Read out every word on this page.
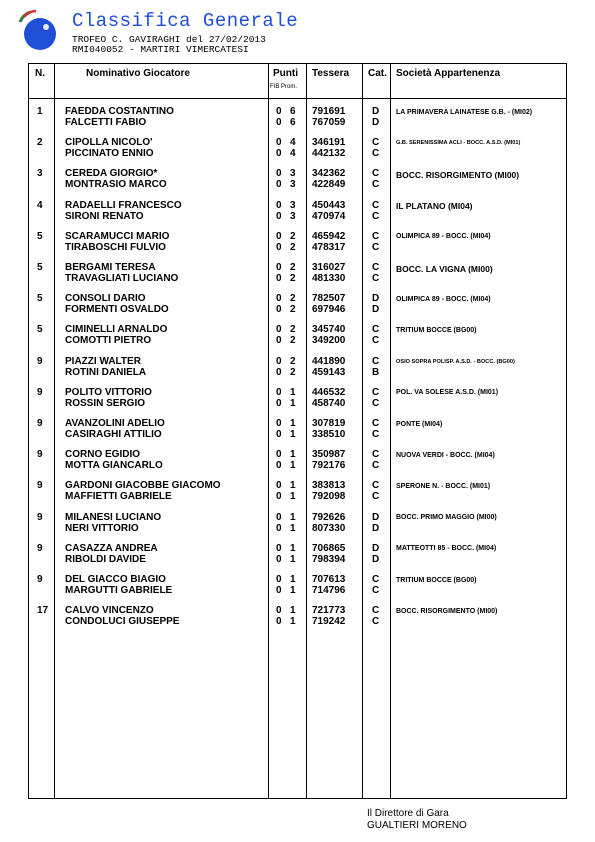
Classifica Generale
TROFEO C. GAVIRAGHI del 27/02/2013
RMI040052 - MARTIRI VIMERCATESI
N.	Nominativo Giocatore	Punti
FIB Prom.
Tessera Cat. Società Appartenenza
1 FAEDDA COSTANTINO	0 6 791691	D
FALCETTI FABIO	0 6 767059	D
LA PRIMAVERA LAINATESE G.B. - (MI02)
2 CIPOLLA NICOLO'	0 4 346191	C
PICCINATO ENNIO	0 4 442132	C
G.B. SERENISSIMA ACLI - BOCC. A.S.D. (MI01)
3 CEREDA GIORGIO*	0 3 342362	C
MONTRASIO MARCO	0 3 422849	C
BOCC. RISORGIMENTO (MI00)
4 RADAELLI FRANCESCO	0 3 450443	C
SIRONI RENATO	0 3 470974	C
IL PLATANO (MI04)
5 SCARAMUCCI MARIO	0 2 465942	C
TIRABOSCHI FULVIO	0 2 478317	C
OLIMPICA 89 - BOCC. (MI04)
5 BERGAMI TERESA	0 2 316027	C
TRAVAGLIATI LUCIANO	0 2 481330	C
BOCC. LA VIGNA (MI00)
5 CONSOLI DARIO	0 2 782507	D
FORMENTI OSVALDO	0 2 697946	D
OLIMPICA 89 - BOCC. (MI04)
5 CIMINELLI ARNALDO	0 2 345740	C
COMOTTI PIETRO	0 2 349200	C
TRITIUM BOCCE (BG00)
9 PIAZZI WALTER	0 2 441890	C
ROTINI DANIELA	0 2 459143	B
OSIO SOPRA POLISP. A.S.D. - BOCC. (BG00)
9 POLITO VITTORIO	0 1 446532	C
ROSSIN SERGIO	0 1 458740	C
POL. VA SOLESE A.S.D. (MI01)
9 AVANZOLINI ADELIO	0 1 307819	C
CASIRAGHI ATTILIO	0 1 338510	C
PONTE (MI04)
9 CORNO EGIDIO	0 1 350987	C
MOTTA GIANCARLO	0 1 792176	C
NUOVA VERDI - BOCC. (MI04)
9 GARDONI GIACOBBE GIACOMO	0 1 383813	C
MAFFIETTI GABRIELE	0 1 792098	C
SPERONE N. - BOCC. (MI01)
9 MILANESI LUCIANO	0 1 792626	D
NERI VITTORIO	0 1 807330	D
BOCC. PRIMO MAGGIO (MI00)
9 CASAZZA ANDREA	0 1 706865	D
RIBOLDI DAVIDE	0 1 798394	D
MATTEOTTI 85 - BOCC. (MI04)
9 DEL GIACCO BIAGIO	0 1 707613	C
MARGUTTI GABRIELE	0 1 714796	C
TRITIUM BOCCE (BG00)
17 CALVO VINCENZO	0 1 721773	C
CONDOLUCI GIUSEPPE	0 1 719242	C
BOCC. RISORGIMENTO (MI00)
Il Direttore di Gara
GUALTIERI MORENO
